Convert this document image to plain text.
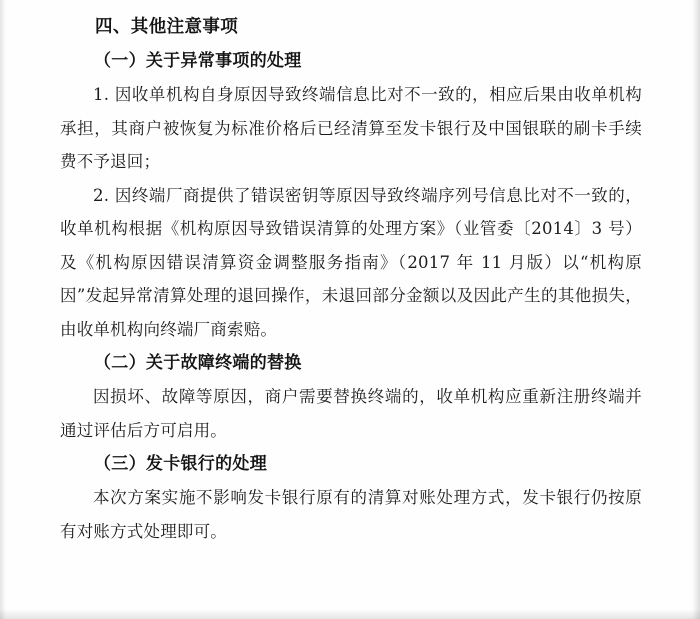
四、其他注意事项
（一）关于异常事项的处理

1. 因收单机构自身原因导致终端信息比对不一致的，相应后果由收单机构承担，其商户被恢复为标准价格后已经清算至发卡银行及中国银联的刷卡手续费不予退回；

2. 因终端厂商提供了错误密钥等原因导致终端序列号信息比对不一致的，收单机构根据《机构原因导致错误清算的处理方案》（业管委〔2014〕3 号）及《机构原因错误清算资金调整服务指南》（2017 年 11 月版）以“机构原因”发起异常清算处理的退回操作，未退回部分金额以及因此产生的其他损失，由收单机构向终端厂商索赔。

（二）关于故障终端的替换

因损坏、故障等原因，商户需要替换终端的，收单机构应重新注册终端并通过评估后方可启用。

（三）发卡银行的处理

本次方案实施不影响发卡银行原有的清算对账处理方式，发卡银行仍按原有对账方式处理即可。
